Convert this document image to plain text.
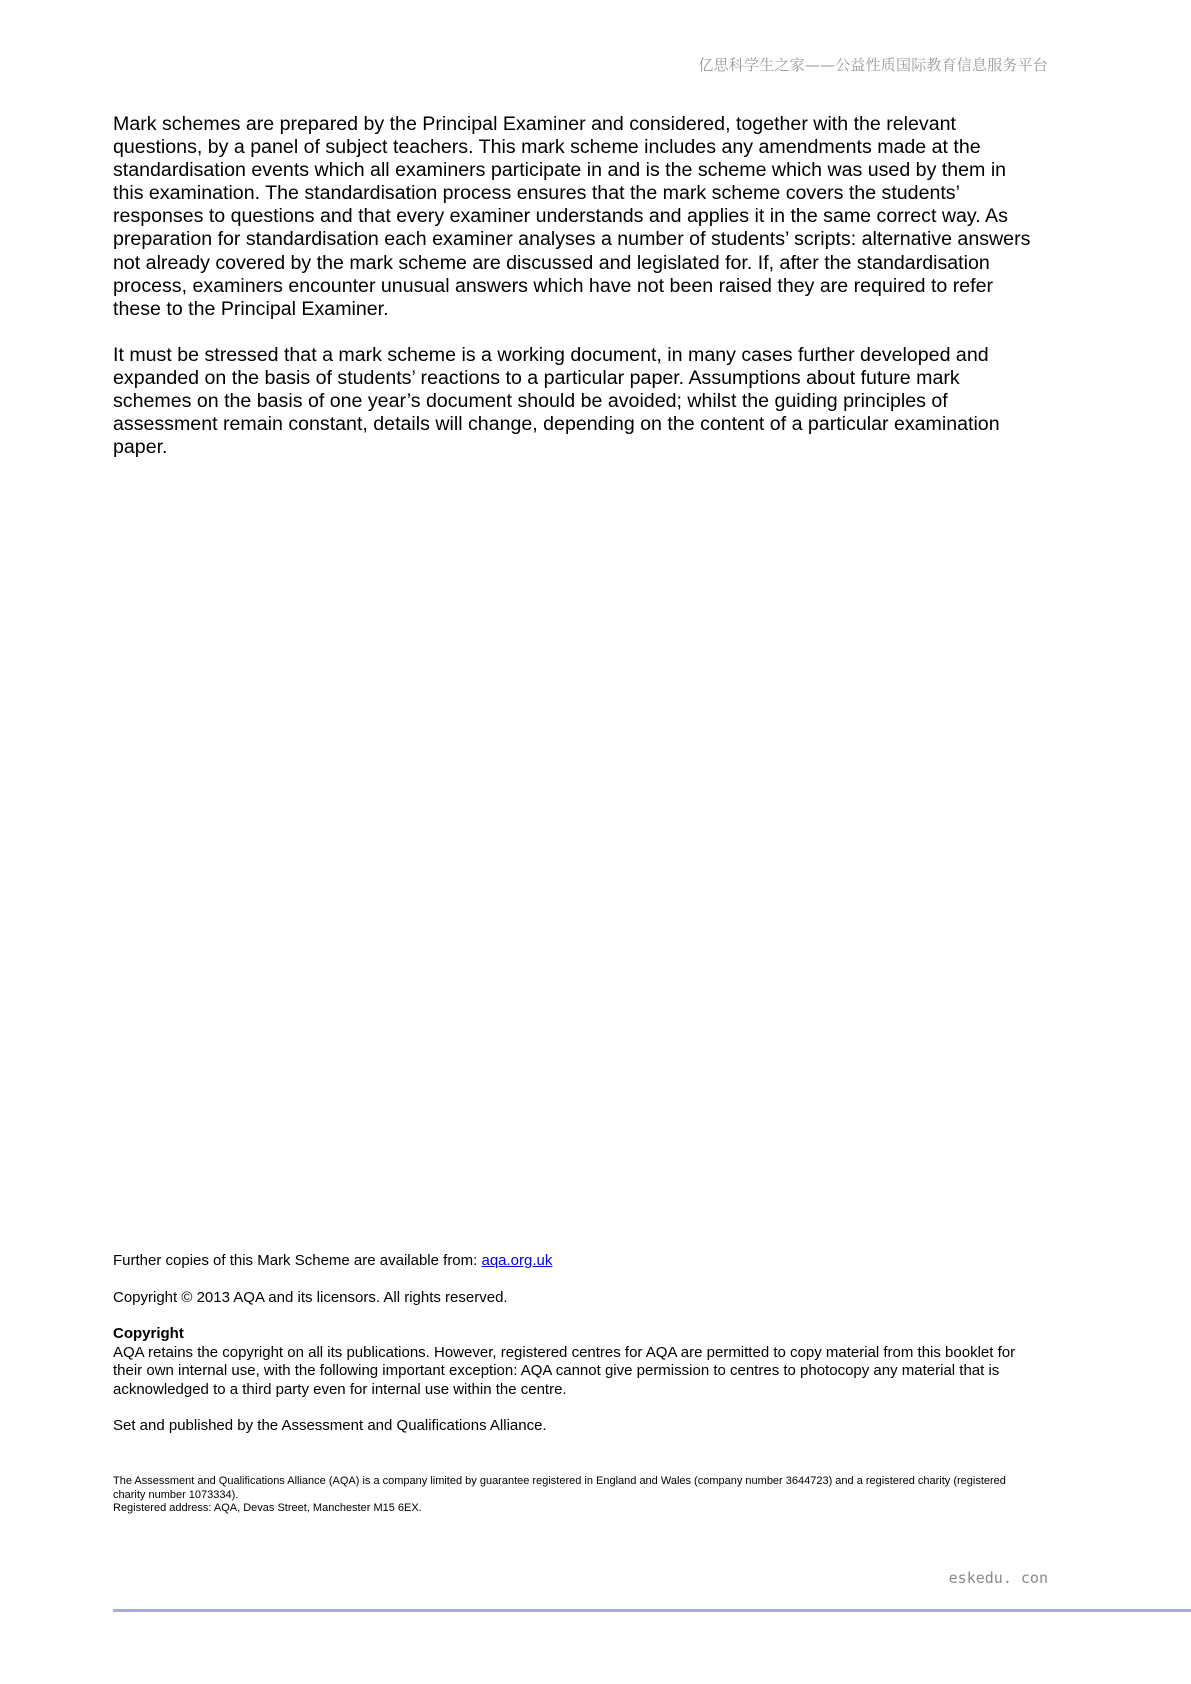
亿思科学生之家——公益性质国际教育信息服务平台

Mark schemes are prepared by the Principal Examiner and considered, together with the relevant questions, by a panel of subject teachers. This mark scheme includes any amendments made at the standardisation events which all examiners participate in and is the scheme which was used by them in this examination. The standardisation process ensures that the mark scheme covers the students’ responses to questions and that every examiner understands and applies it in the same correct way. As preparation for standardisation each examiner analyses a number of students’ scripts: alternative answers not already covered by the mark scheme are discussed and legislated for. If, after the standardisation process, examiners encounter unusual answers which have not been raised they are required to refer these to the Principal Examiner.

It must be stressed that a mark scheme is a working document, in many cases further developed and expanded on the basis of students’ reactions to a particular paper. Assumptions about future mark schemes on the basis of one year’s document should be avoided; whilst the guiding principles of assessment remain constant, details will change, depending on the content of a particular examination paper.

Further copies of this Mark Scheme are available from: aqa.org.uk

Copyright © 2013 AQA and its licensors. All rights reserved.

Copyright

AQA retains the copyright on all its publications. However, registered centres for AQA are permitted to copy material from this booklet for their own internal use, with the following important exception: AQA cannot give permission to centres to photocopy any material that is acknowledged to a third party even for internal use within the centre.

Set and published by the Assessment and Qualifications Alliance.

The Assessment and Qualifications Alliance (AQA) is a company limited by guarantee registered in England and Wales (company number 3644723) and a registered charity (registered charity number 1073334).

Registered address: AQA, Devas Street, Manchester M15 6EX.

eskedu. con
